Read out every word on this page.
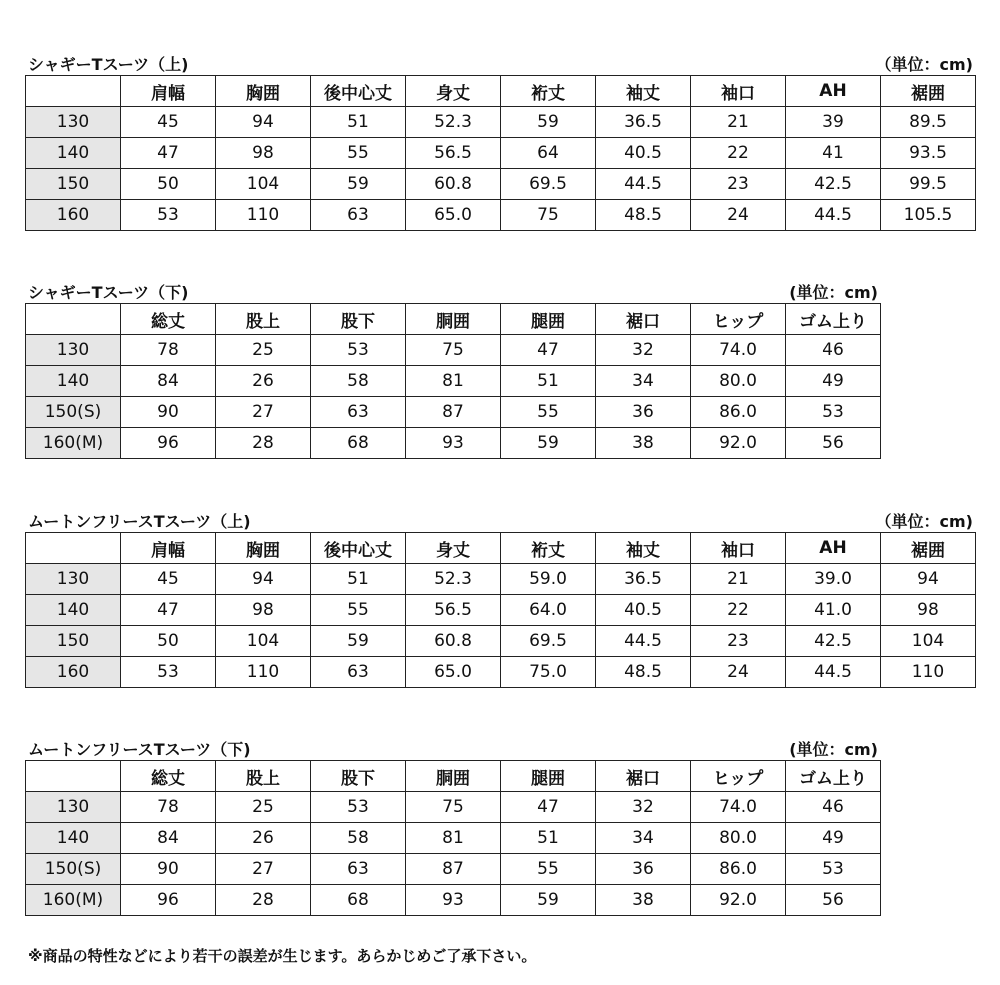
シャギーTスーツ（上)	（単位：cm)
	肩幅	胸囲	後中心丈	身丈	裄丈	袖丈	袖口	AH	裾囲
130	45	94	51	52.3	59	36.5	21	39	89.5
140	47	98	55	56.5	64	40.5	22	41	93.5
150	50	104	59	60.8	69.5	44.5	23	42.5	99.5
160	53	110	63	65.0	75	48.5	24	44.5	105.5
シャギーTスーツ（下)	(単位：cm)
	総丈	股上	股下	胴囲	腿囲	裾口	ヒップ	ゴム上り
130	78	25	53	75	47	32	74.0	46
140	84	26	58	81	51	34	80.0	49
150(S)	90	27	63	87	55	36	86.0	53
160(M)	96	28	68	93	59	38	92.0	56
ムートンフリースTスーツ（上)	（単位：cm)
	肩幅	胸囲	後中心丈	身丈	裄丈	袖丈	袖口	AH	裾囲
130	45	94	51	52.3	59.0	36.5	21	39.0	94
140	47	98	55	56.5	64.0	40.5	22	41.0	98
150	50	104	59	60.8	69.5	44.5	23	42.5	104
160	53	110	63	65.0	75.0	48.5	24	44.5	110
ムートンフリースTスーツ（下)	(単位：cm)
	総丈	股上	股下	胴囲	腿囲	裾口	ヒップ	ゴム上り
130	78	25	53	75	47	32	74.0	46
140	84	26	58	81	51	34	80.0	49
150(S)	90	27	63	87	55	36	86.0	53
160(M)	96	28	68	93	59	38	92.0	56
※商品の特性などにより若干の誤差が生じます。あらかじめご了承下さい。
